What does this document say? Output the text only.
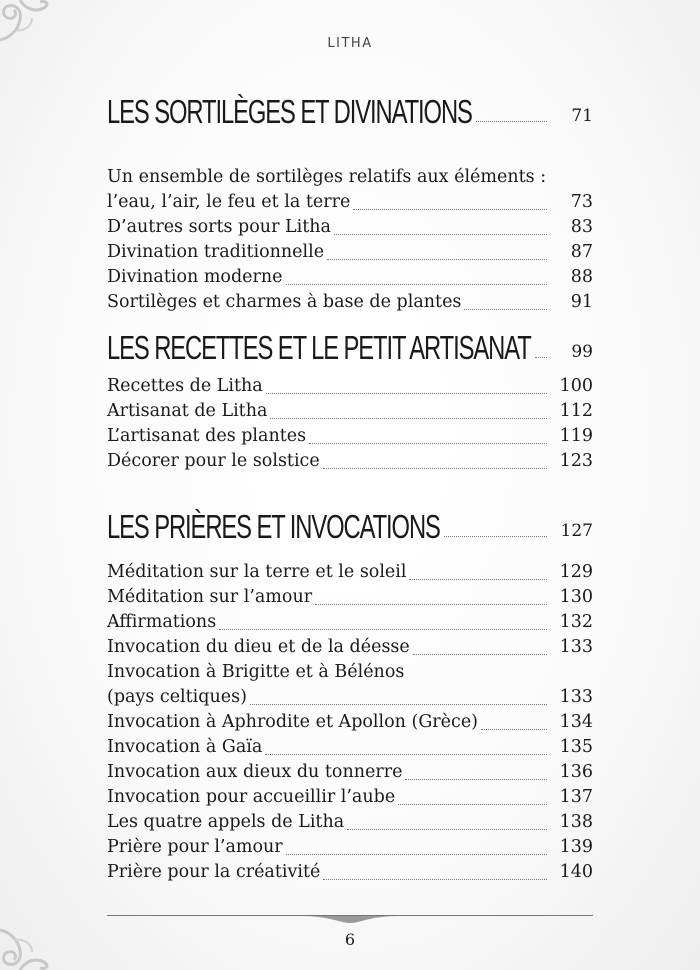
LITHA
LES SORTILÈGES ET DIVINATIONS	71
Un ensemble de sortilèges relatifs aux éléments :
l’eau, l’air, le feu et la terre	73
D’autres sorts pour Litha	83
Divination traditionnelle	87
Divination moderne	88
Sortilèges et charmes à base de plantes	91
LES RECETTES ET LE PETIT ARTISANAT 99
Recettes de Litha	100
Artisanat de Litha	112
L’artisanat des plantes	119
Décorer pour le solstice	123
LES PRIÈRES ET INVOCATIONS	127
Méditation sur la terre et le soleil	129
Méditation sur l’amour	130
Affirmations	132
Invocation du dieu et de la déesse	133
Invocation à Brigitte et à Bélénos
(pays celtiques)	133
Invocation à Aphrodite et Apollon (Grèce)	134
Invocation à Gaïa	135
Invocation aux dieux du tonnerre	136
Invocation pour accueillir l’aube	137
Les quatre appels de Litha	138
Prière pour l’amour	139
Prière pour la créativité	140
6
